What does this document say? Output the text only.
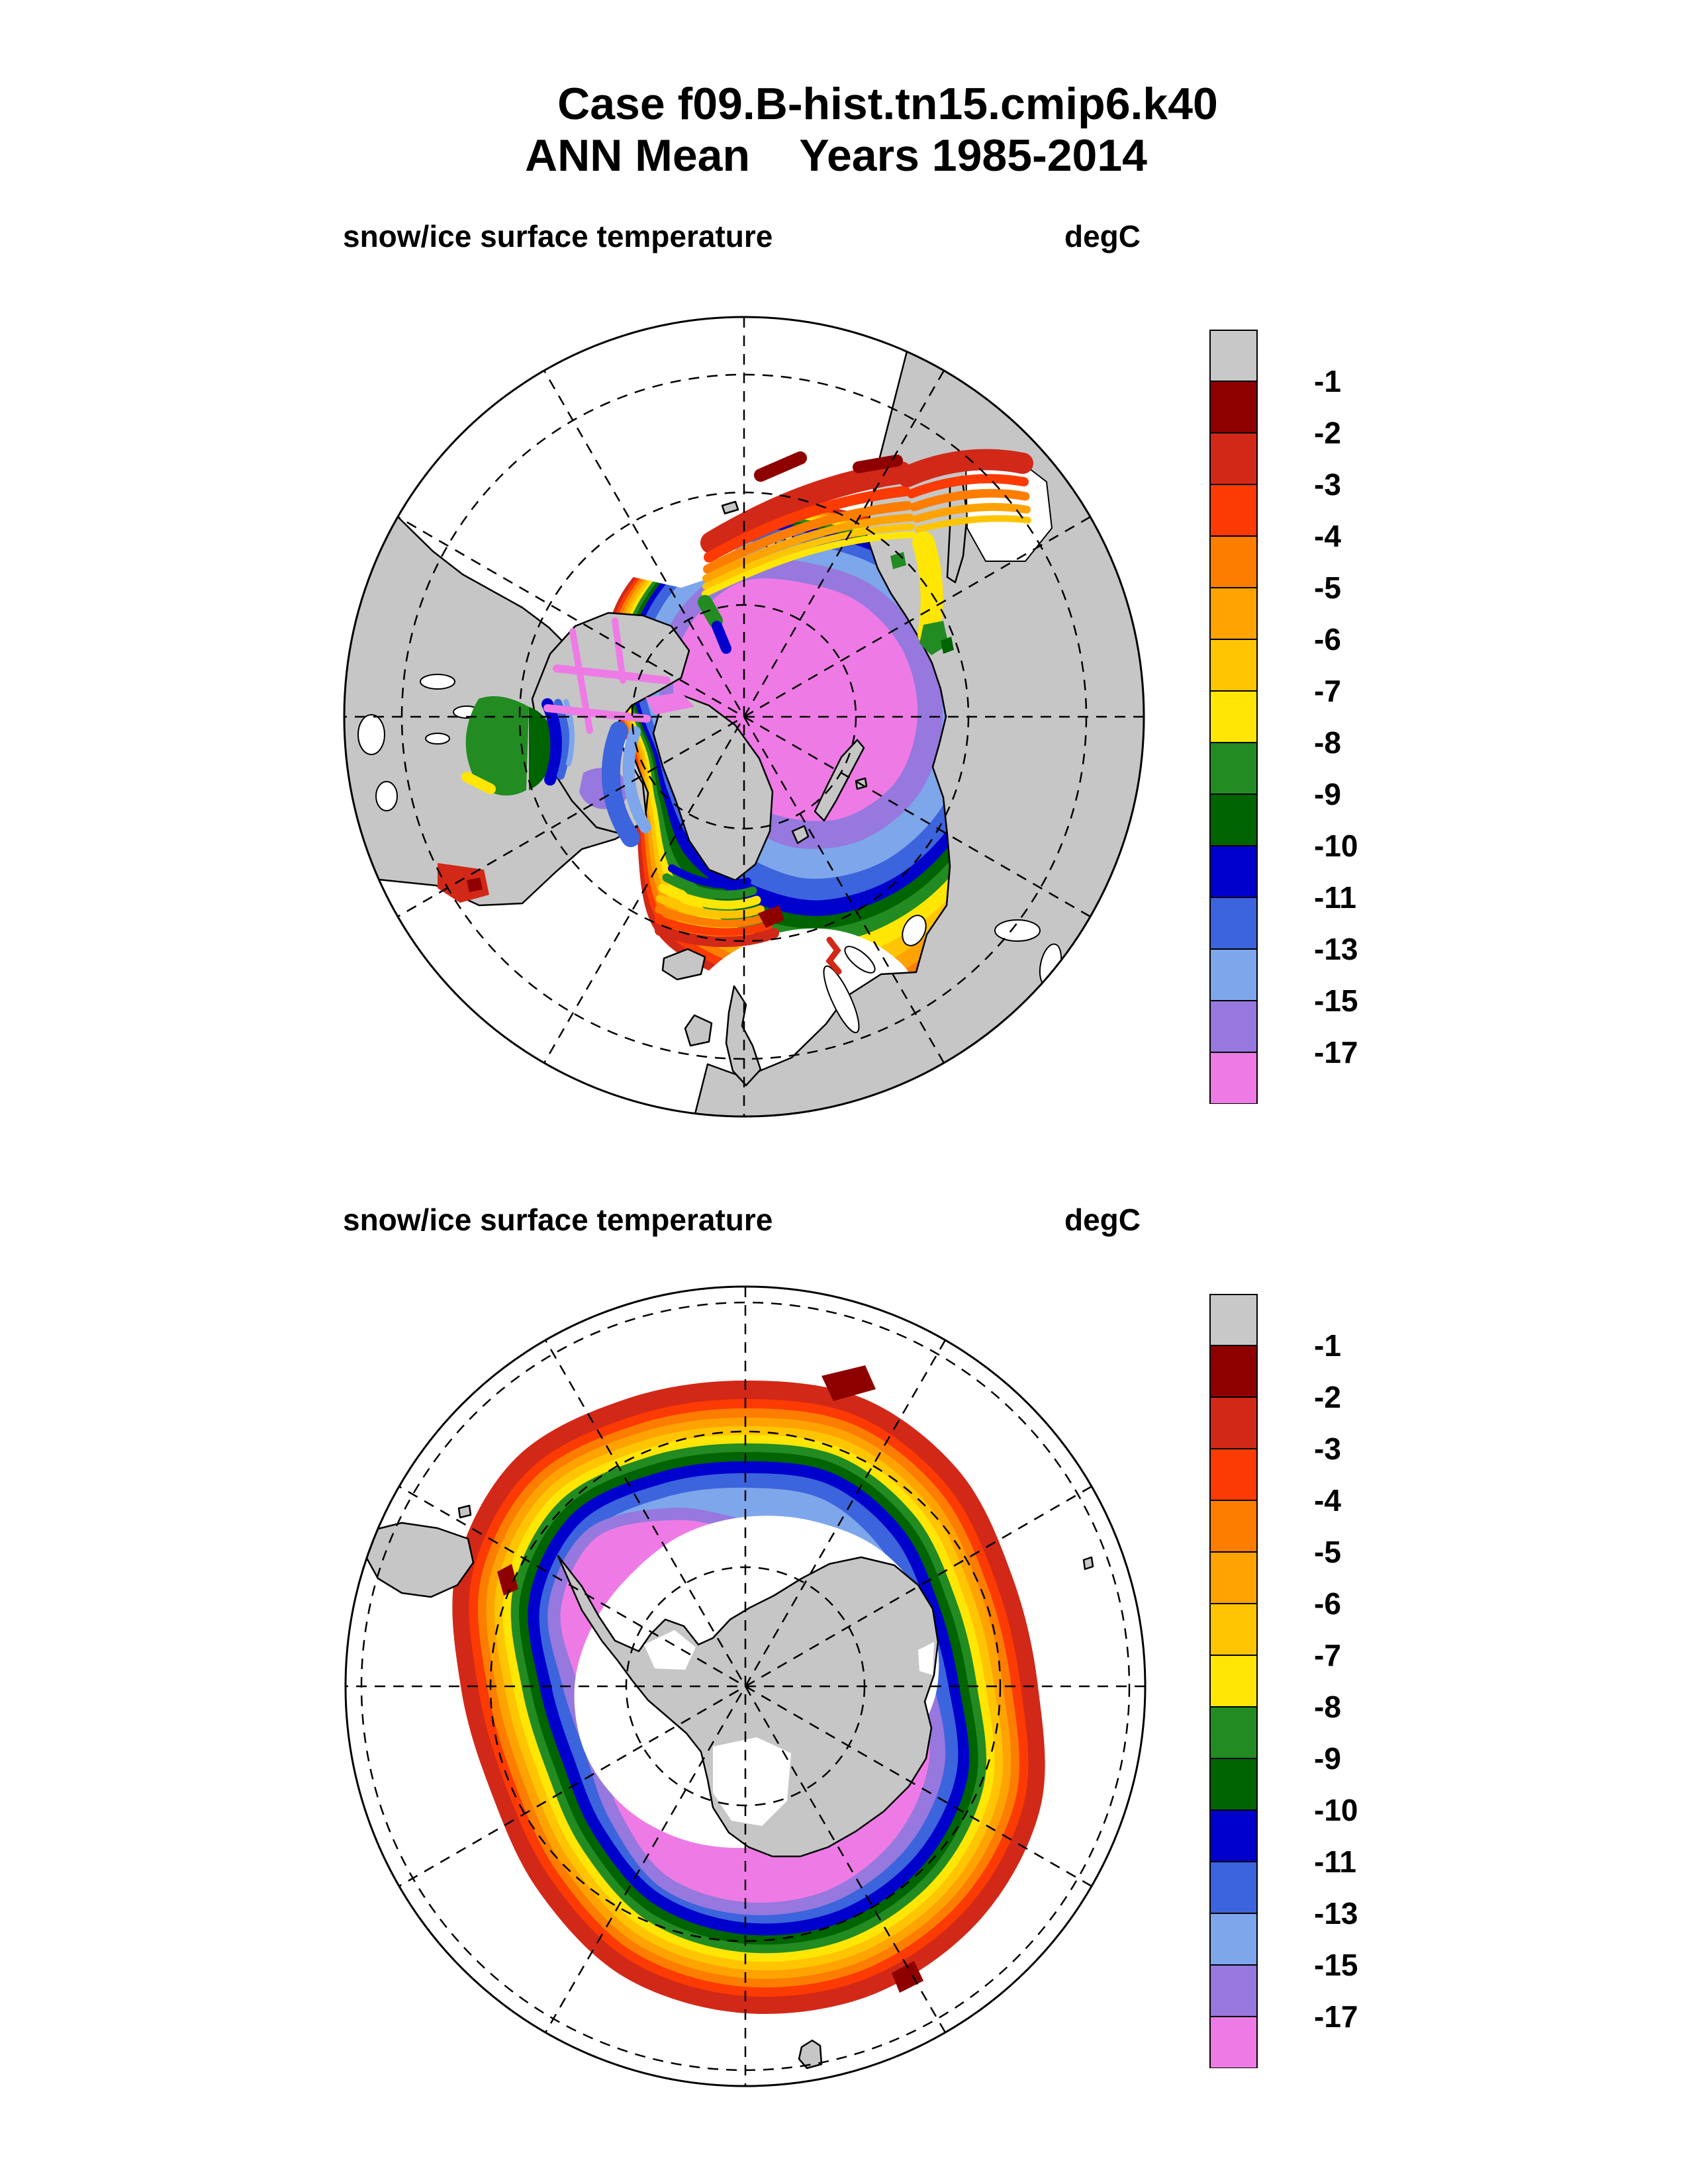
Case f09.B-hist.tn15.cmip6.k40
ANN Mean    Years 1985-2014
snow/ice surface temperature	degC
snow/ice surface temperature	degC
-1
-2
-3
-4
-5
-6
-7
-8
-9
-10
-11
-13
-15
-17
-1
-2
-3
-4
-5
-6
-7
-8
-9
-10
-11
-13
-15
-17
